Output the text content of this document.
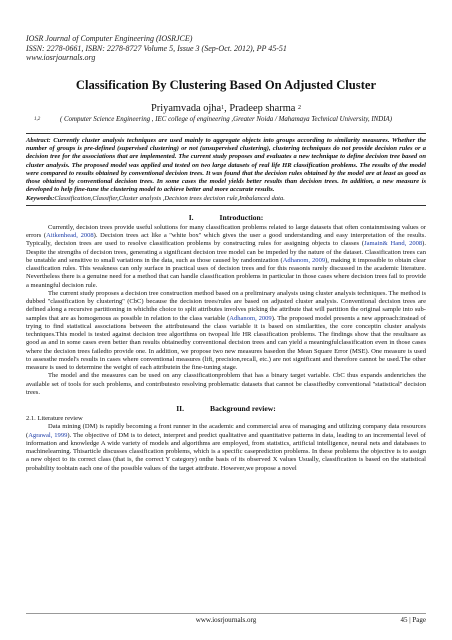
IOSR Journal of Computer Engineering (IOSRJCE)
ISSN: 2278-0661, ISBN: 2278-8727 Volume 5, Issue 3 (Sep-Oct. 2012), PP 45-51
www.iosrjournals.org
Classification By Clustering Based On Adjusted Cluster
Priyamvada ojha$^1$, Pradeep sharma $^2$
1,2	( Computer Science Engineering , IEC college of engineering ,Greater Noida / Mahamaya Technical University, INDIA)
Abstract: Currently cluster analysis techniques are used mainly to aggregate objects into groups according to similarity measures. Whether the number of groups is pre-defined (supervised clustering) or not (unsupervised clustering), clustering techniques do not provide decision rules or a decision tree for the associations that are implemented. The current study proposes and evaluates a new technique to define decision tree based on cluster analysis. The proposed model was applied and tested on two large datasets of real life HR classification problems. The results of the model were compared to results obtained by conventional decision trees. It was found that the decision rules obtained by the model are at least as good as those obtained by conventional decision trees. In some cases the model yields better results than decision trees. In addition, a new measure is developed to help fine-tune the clustering model to achieve better and more accurate results.
Keywords:Classification,Classifier,Cluster analysis ,Decision trees decision rule,Imbalanced data.
I.	Introduction:

Currently, decision trees provide useful solutions for many classification problems related to large datasets that often containmissing values or errors (Aitkenhead, 2008). Decision trees act like a ''white box'' which gives the user a good understanding and easy interpretation of the results. Typically, decision trees are used to resolve classification problems by constructing rules for assigning objects to classes (Jamain& Hand, 2008). Despite the strengths of decision trees, generating a significant decision tree model can be impeded by the nature of the dataset. Classification trees can be unstable and sensitive to small variations in the data, such as those caused by randomization (Adhanom, 2009), making it impossible to obtain clear classification rules. This weakness can only surface in practical uses of decision trees and for this reasonis rarely discussed in the academic literature. Nevertheless there is a genuine need for a method that can handle classification problems in particular in those cases where decision trees fail to provide a meaningful decision rule.

The current study proposes a decision tree construction method based on a preliminary analysis using cluster analysis techniques. The method is dubbed ''classification by clustering'' (CbC) because the decision trees/rules are based on adjusted cluster analysis. Conventional decision trees are defined along a recursive partitioning in whichthe choice to split attributes involves picking the attribute that will partition the original sample into sub-samples that are as homogenous as possible in relation to the class variable (Adhanom, 2009). The proposed model presents a new approach:instead of trying to find statistical associations between the attributesand the class variable it is based on similarities, the core conceptin cluster analysis techniques.This model is tested against decision tree algorithms on twореal life HR classification problems. The findings show that the resultsare as good as and in some cases even better than results obtainedby conventional decision trees and can yield a meaningfulclassification even in those cases where the decision trees failedto provide one. In addition, we propose two new measures basedon the Mean Square Error (MSE). One measure is used to assessthe model's results in cases where conventional measures (lift, precision,recall, etc.) are not significant and therefore cannot be used.The other measure is used to determine the weight of each attributein the fine-tuning stage.

The model and the measures can be used on any classificationproblem that has a binary target variable. CbC thus expands andenriches the available set of tools for such problems, and contributesto resolving problematic datasets that cannot be classifiedby conventional ''statistical'' decision trees.

II.	Background review:
2.1. Literature review

Data mining (DM) is rapidly becoming a front runner in the academic and commercial area of managing and utilizing company data resources (Agrawal, 1999). The objective of DM is to detect, interpret and predict qualitative and quantitative patterns in data, leading to an incremental level of information and knowledge A wide variety of models and algorithms are employed, from statistics, artificial intelligence, neural nets and databases to machinelearning. Thisarticle discusses classification problems, which is a specific caseprediction problems. In these problems the objective is to assign a new object to its correct class (that is, the correct Y category) onthe basis of its observed X values Usually, classification is based on the statistical probability toobtain each one of the possible values of the target attribute. However,we propose a novel

www.iosrjournals.org	45 | Page
